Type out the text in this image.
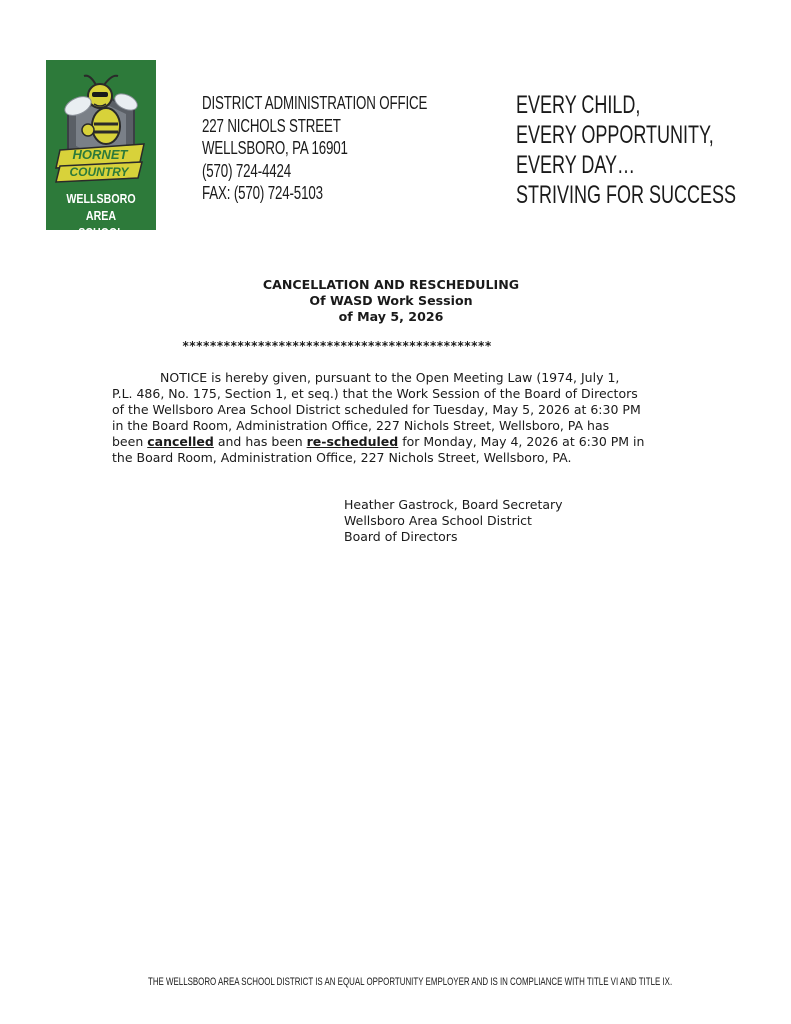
HORNET
COUNTRY
WELLSBORO AREA
SCHOOL DISTRICT
DISTRICT ADMINISTRATION OFFICE
227 NICHOLS STREET
WELLSBORO, PA 16901
(570) 724-4424
FAX: (570) 724-5103
EVERY CHILD,
EVERY OPPORTUNITY,
EVERY DAY…
STRIVING FOR SUCCESS
CANCELLATION AND RESCHEDULING
Of WASD Work Session
of May 5, 2026
*********************************************
NOTICE is hereby given, pursuant to the Open Meeting Law (1974, July 1,
P.L. 486, No. 175, Section 1, et seq.) that the Work Session of the Board of Directors
of the Wellsboro Area School District scheduled for Tuesday, May 5, 2026 at 6:30 PM
in the Board Room, Administration Office, 227 Nichols Street, Wellsboro, PA has
been cancelled and has been re-scheduled for Monday, May 4, 2026 at 6:30 PM in
the Board Room, Administration Office, 227 Nichols Street, Wellsboro, PA.
Heather Gastrock, Board Secretary
Wellsboro Area School District
Board of Directors
THE WELLSBORO AREA SCHOOL DISTRICT IS AN EQUAL OPPORTUNITY EMPLOYER AND IS IN COMPLIANCE WITH TITLE VI AND TITLE IX.
